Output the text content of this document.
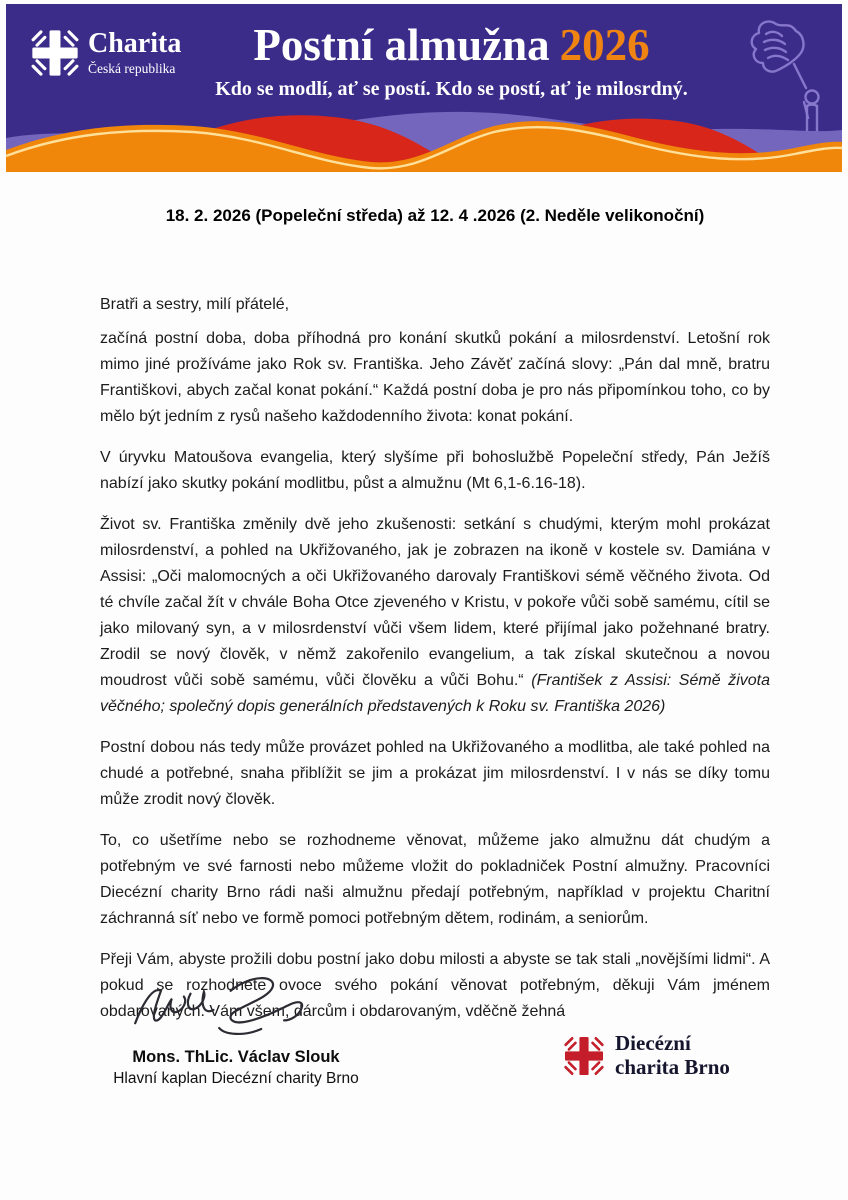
Charita
Česká republika	Postní almužna 2026
Kdo se modlí, ať se postí. Kdo se postí, ať je milosrdný.
18. 2. 2026 (Popeleční středa) až 12. 4 .2026 (2. Neděle velikonoční)
Bratři a sestry, milí přátelé,

začíná postní doba, doba příhodná pro konání skutků pokání a milosrdenství. Letošní rok mimo jiné prožíváme jako Rok sv. Františka. Jeho Závěť začíná slovy: „Pán dal mně, bratru Františkovi, abych začal konat pokání.“ Každá postní doba je pro nás připomínkou toho, co by mělo být jedním z rysů našeho každodenního života: konat pokání.

V úryvku Matoušova evangelia, který slyšíme při bohoslužbě Popeleční středy, Pán Ježíš nabízí jako skutky pokání modlitbu, půst a almužnu (Mt 6,1-6.16-18).

Život sv. Františka změnily dvě jeho zkušenosti: setkání s chudými, kterým mohl prokázat milosrdenství, a pohled na Ukřižovaného, jak je zobrazen na ikoně v kostele sv. Damiána v Assisi: „Oči malomocných a oči Ukřižovaného darovaly Františkovi sémě věčného života. Od té chvíle začal žít v chvále Boha Otce zjeveného v Kristu, v pokoře vůči sobě samému, cítil se jako milovaný syn, a v milosrdenství vůči všem lidem, které přijímal jako požehnané bratry. Zrodil se nový člověk, v němž zakořenilo evangelium, a tak získal skutečnou a novou moudrost vůči sobě samému, vůči člověku a vůči Bohu.“ (František z Assisi: Sémě života věčného; společný dopis generálních představených k Roku sv. Františka 2026)

Postní dobou nás tedy může provázet pohled na Ukřižovaného a modlitba, ale také pohled na chudé a potřebné, snaha přiblížit se jim a prokázat jim milosrdenství. I v nás se díky tomu může zrodit nový člověk.

To, co ušetříme nebo se rozhodneme věnovat, můžeme jako almužnu dát chudým a potřebným ve své farnosti nebo můžeme vložit do pokladniček Postní almužny. Pracovníci Diecézní charity Brno rádi naši almužnu předají potřebným, například v projektu Charitní záchranná síť nebo ve formě pomoci potřebným dětem, rodinám, a seniorům.

Přeji Vám, abyste prožili dobu postní jako dobu milosti a abyste se tak stali „novějšími lidmi“. A pokud se rozhodnete ovoce svého pokání věnovat potřebným, děkuji Vám jménem obdarovaných. Vám všem, dárcům i obdarovaným, vděčně žehná

Mons. ThLic. Václav Slouk
Hlavní kaplan Diecézní charity Brno
Diecézní
charita Brno
